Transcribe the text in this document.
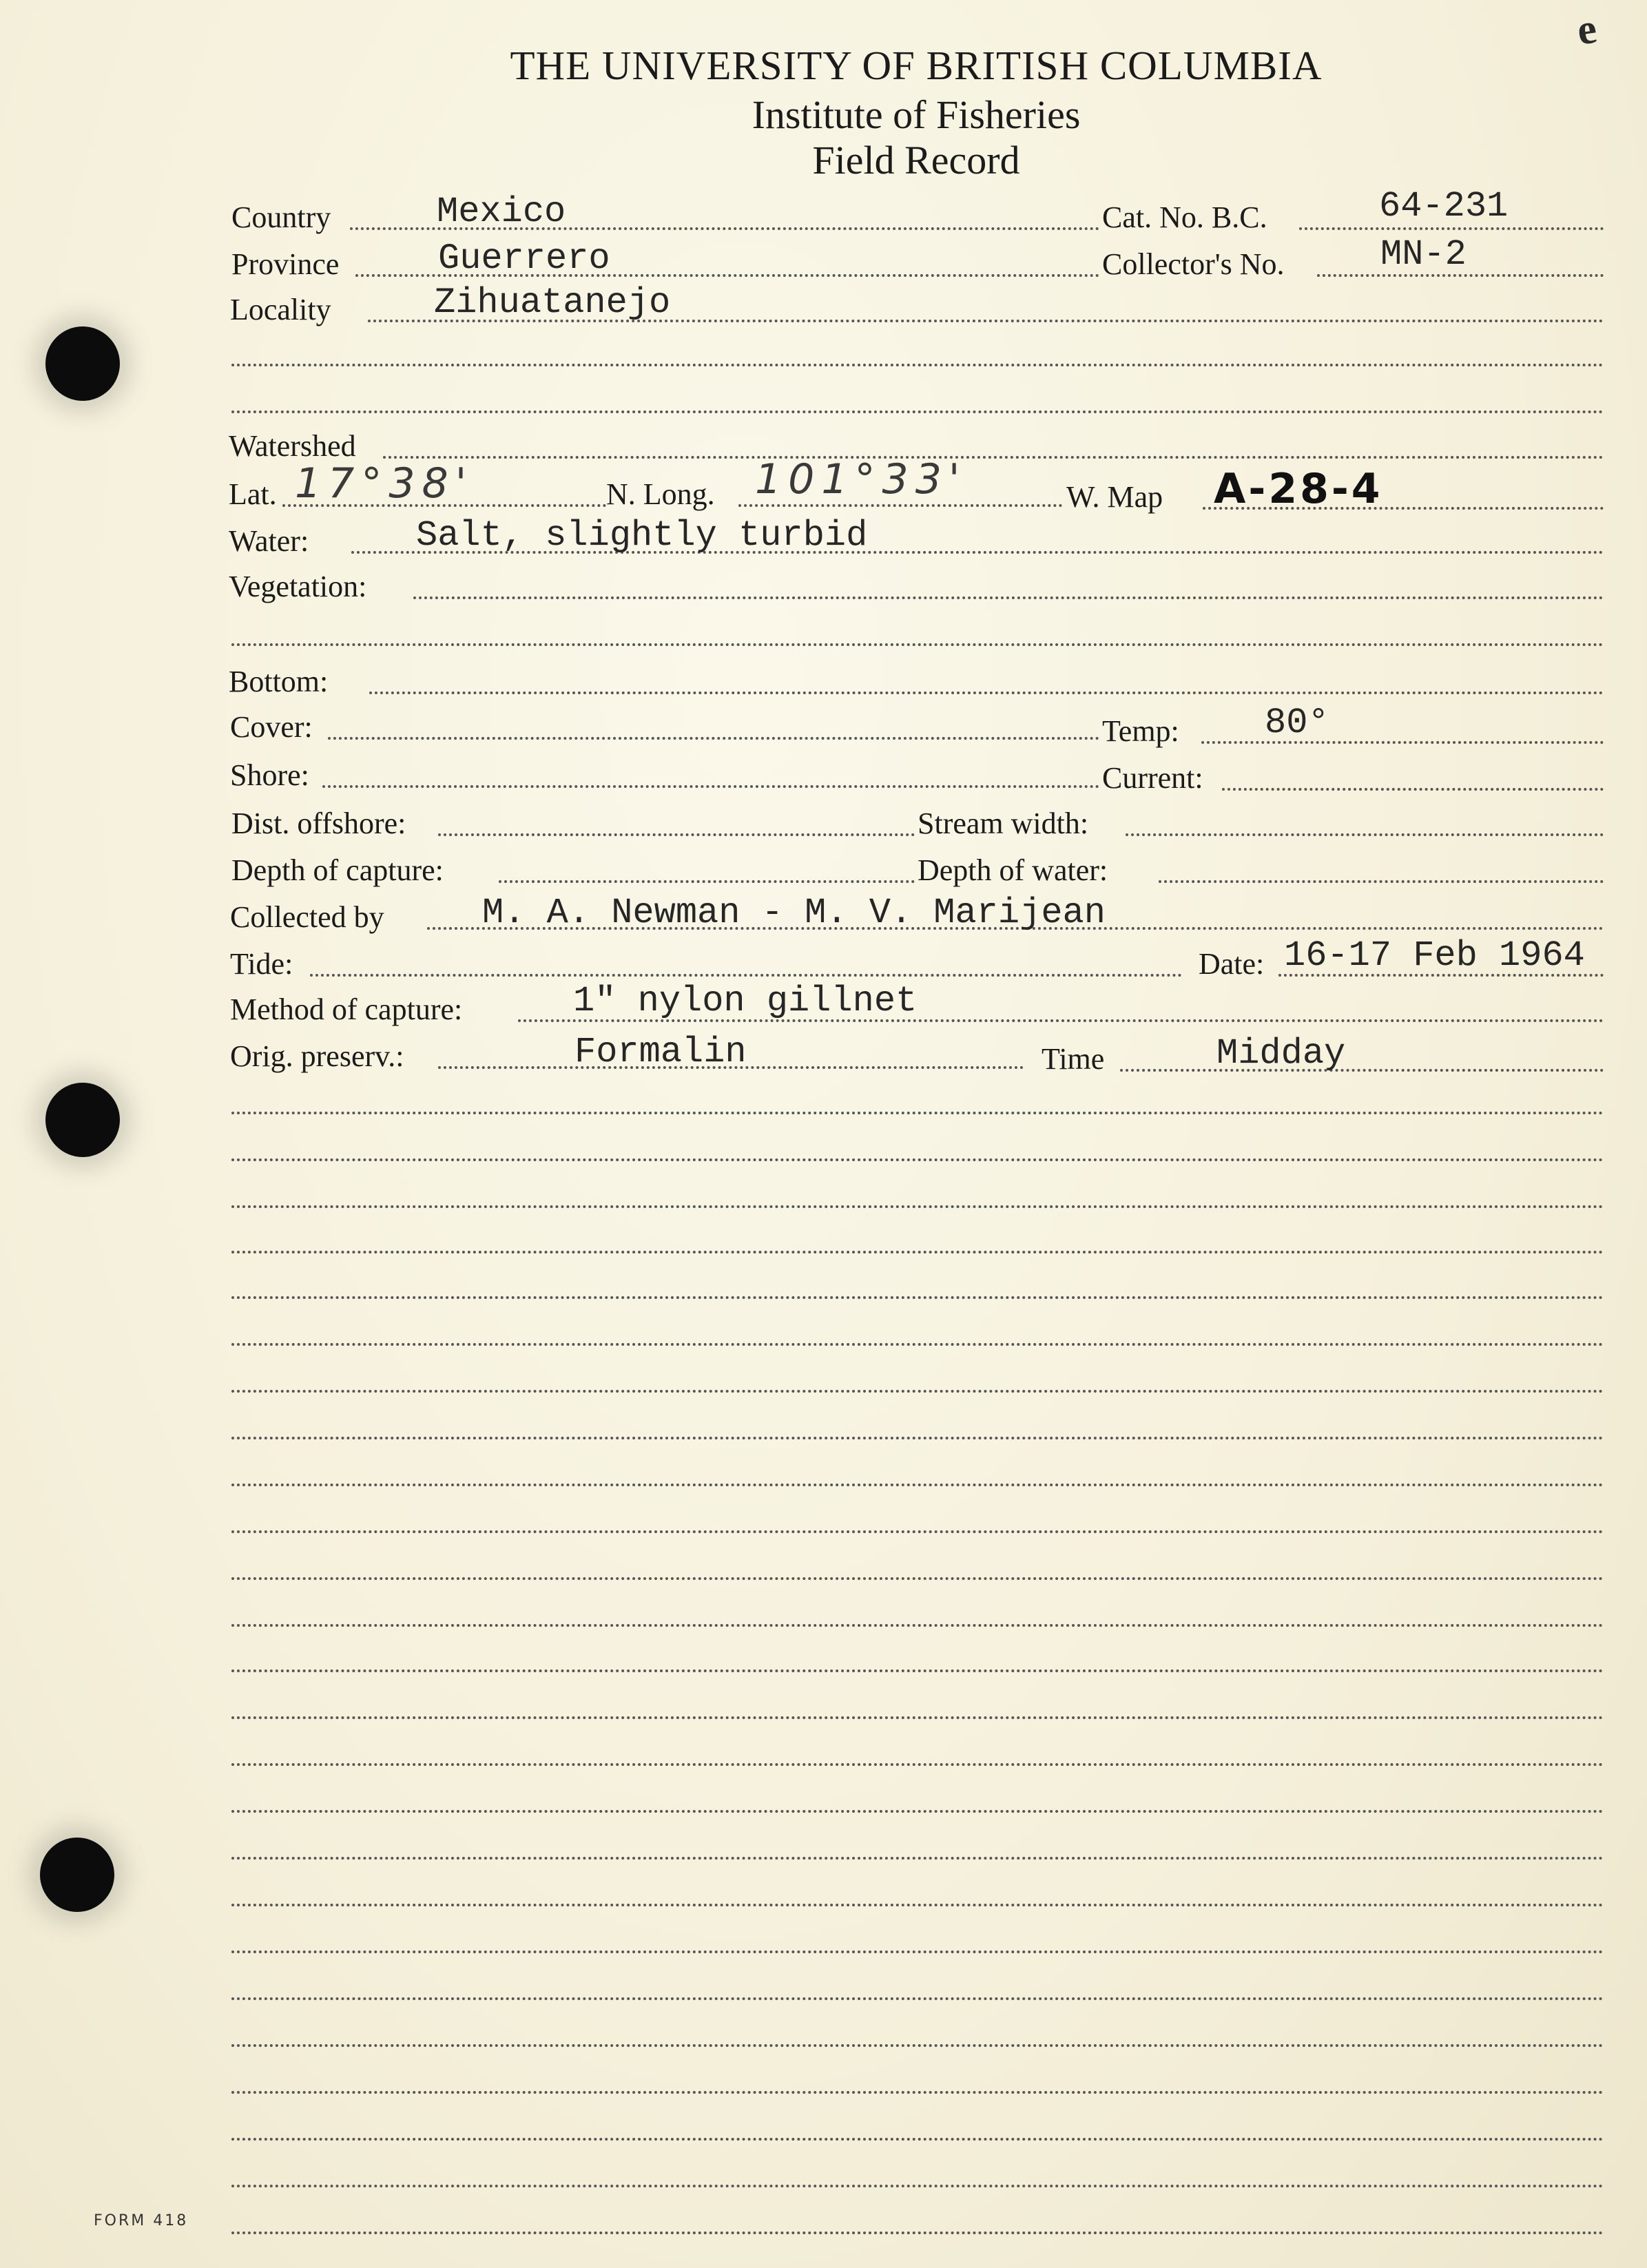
e
THE UNIVERSITY OF BRITISH COLUMBIA
Institute of Fisheries
Field Record
Country	Mexico	Cat. No. B.C.	64-231
Province	Guerrero	Collector's No.	MN-2
Locality	Zihuatanejo
Watershed
Lat. 17°38'	N. Long. 101°33'	W. Map A-28-4
Water:	Salt, slightly turbid
Vegetation:
Bottom:
Cover:	Temp: 80°
Shore:	Current:
Dist. offshore:	Stream width:
Depth of capture:	Depth of water:
Collected by	M. A. Newman - M. V. Marijean
Tide:	Date: 16-17 Feb 1964
Method of capture:	1" nylon gillnet
Orig. preserv.:	Formalin	Time	Midday
FORM 418
